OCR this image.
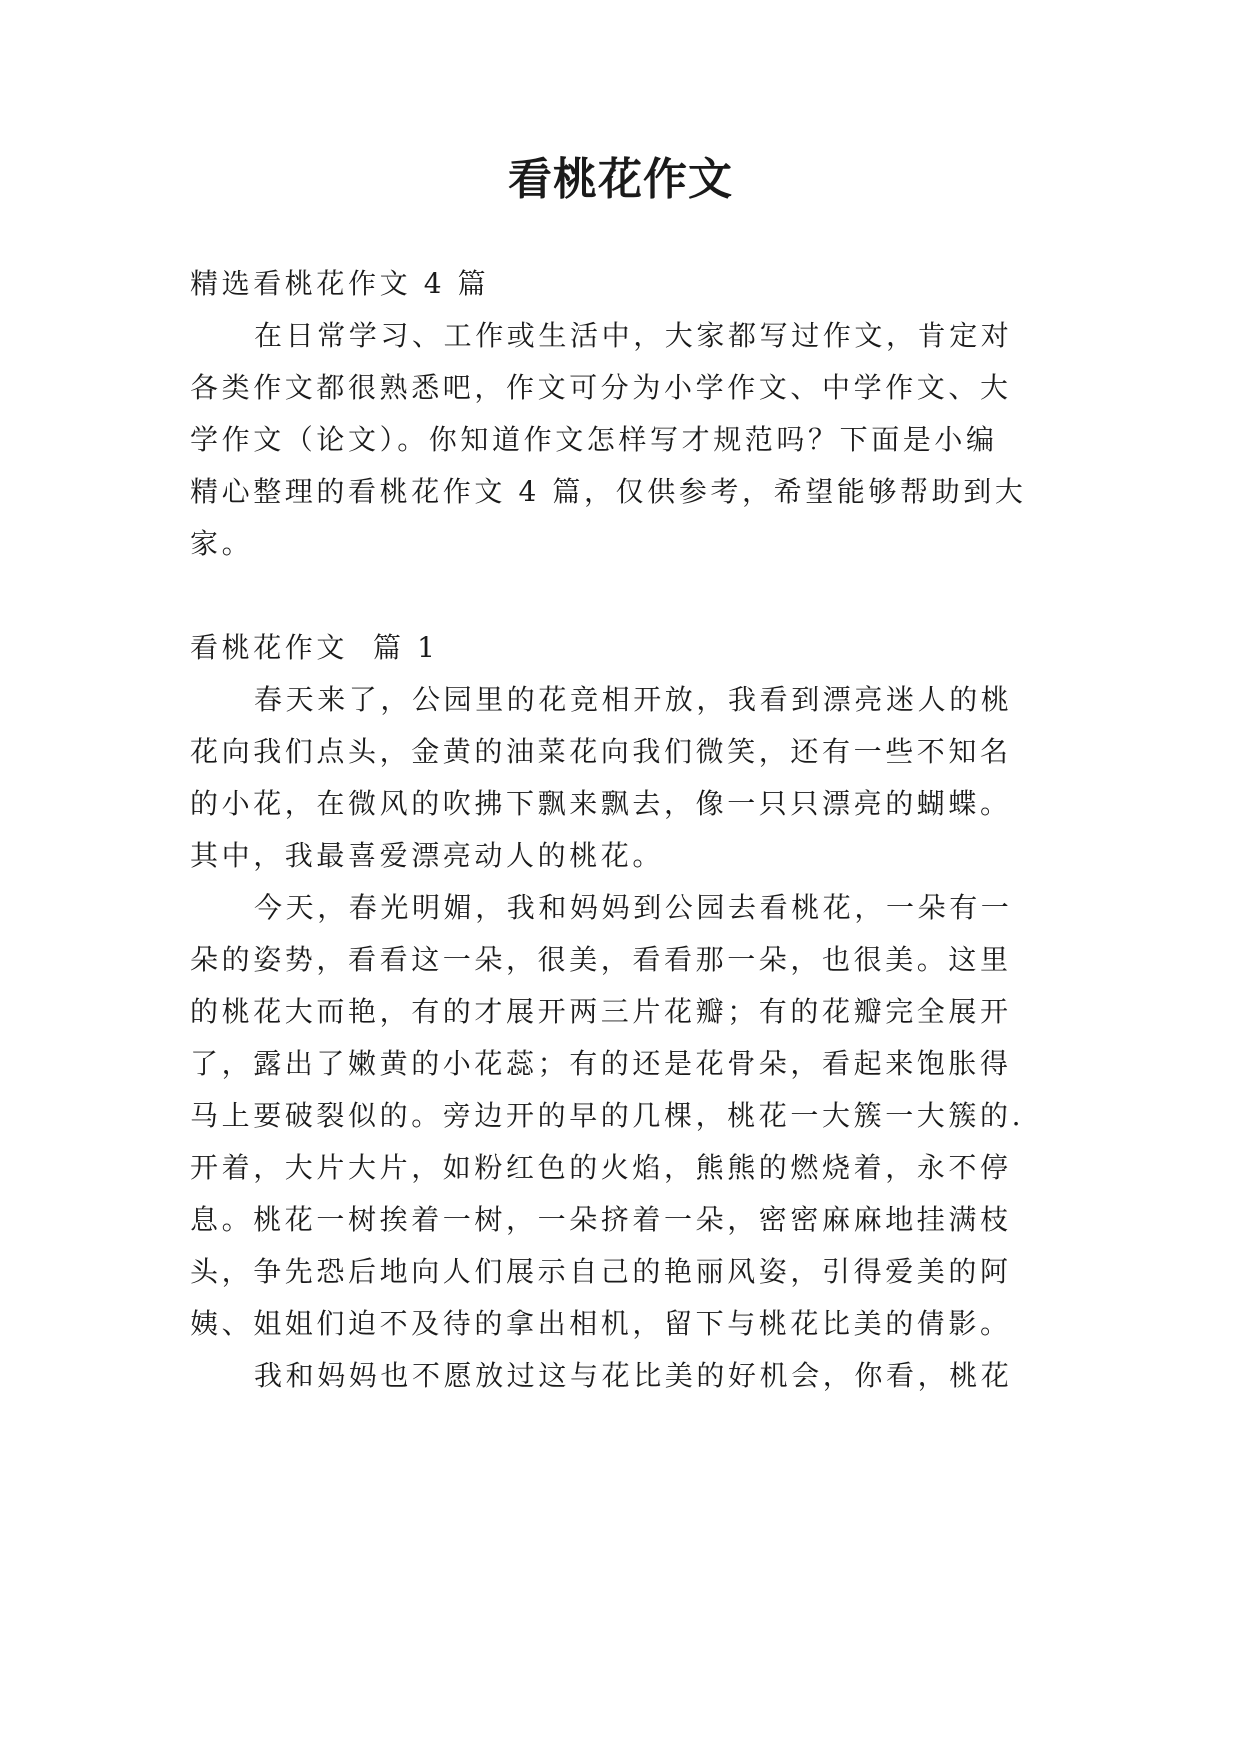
看桃花作文
精选看桃花作文 4 篇
在日常学习、工作或生活中，大家都写过作文，肯定对
各类作文都很熟悉吧，作文可分为小学作文、中学作文、大
学作文（论文）。你知道作文怎样写才规范吗？下面是小编
精心整理的看桃花作文 4 篇，仅供参考，希望能够帮助到大
家。
看桃花作文  篇 1
春天来了，公园里的花竞相开放，我看到漂亮迷人的桃
花向我们点头，金黄的油菜花向我们微笑，还有一些不知名
的小花，在微风的吹拂下飘来飘去，像一只只漂亮的蝴蝶。
其中，我最喜爱漂亮动人的桃花。
今天，春光明媚，我和妈妈到公园去看桃花，一朵有一
朵的姿势，看看这一朵，很美，看看那一朵，也很美。这里
的桃花大而艳，有的才展开两三片花瓣；有的花瓣完全展开
了，露出了嫩黄的小花蕊；有的还是花骨朵，看起来饱胀得
马上要破裂似的。旁边开的早的几棵，桃花一大簇一大簇的.
开着，大片大片，如粉红色的火焰，熊熊的燃烧着，永不停
息。桃花一树挨着一树，一朵挤着一朵，密密麻麻地挂满枝
头，争先恐后地向人们展示自己的艳丽风姿，引得爱美的阿
姨、姐姐们迫不及待的拿出相机，留下与桃花比美的倩影。
我和妈妈也不愿放过这与花比美的好机会，你看，桃花
